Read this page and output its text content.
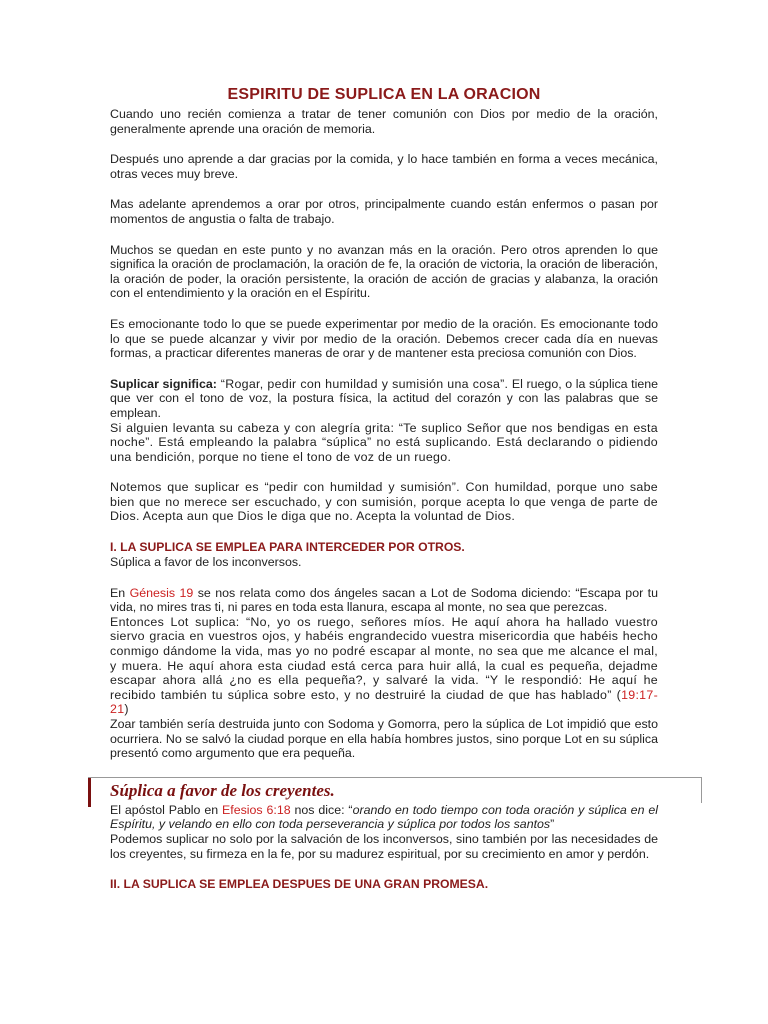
ESPIRITU DE SUPLICA EN LA ORACION

Cuando uno recién comienza a tratar de tener comunión con Dios por medio de la oración, generalmente aprende una oración de memoria.

Después uno aprende a dar gracias por la comida, y lo hace también en forma a veces mecánica, otras veces muy breve.

Mas adelante aprendemos a orar por otros, principalmente cuando están enfermos o pasan por momentos de angustia o falta de trabajo.

Muchos se quedan en este punto y no avanzan más en la oración. Pero otros aprenden lo que significa la oración de proclamación, la oración de fe, la oración de victoria, la oración de liberación, la oración de poder, la oración persistente, la oración de acción de gracias y alabanza, la oración con el entendimiento y la oración en el Espíritu.

Es emocionante todo lo que se puede experimentar por medio de la oración. Es emocionante todo lo que se puede alcanzar y vivir por medio de la oración. Debemos crecer cada día en nuevas formas, a practicar diferentes maneras de orar y de mantener esta preciosa comunión con Dios.

Suplicar significa: “Rogar, pedir con humildad y sumisión una cosa”. El ruego, o la súplica tiene que ver con el tono de voz, la postura física, la actitud del corazón y con las palabras que se emplean.

Si alguien levanta su cabeza y con alegría grita: “Te suplico Señor que nos bendigas en esta noche”. Está empleando la palabra “súplica” no está suplicando. Está declarando o pidiendo una bendición, porque no tiene el tono de voz de un ruego.

Notemos que suplicar es “pedir con humildad y sumisión”. Con humildad, porque uno sabe bien que no merece ser escuchado, y con sumisión, porque acepta lo que venga de parte de Dios. Acepta aun que Dios le diga que no. Acepta la voluntad de Dios.

I. LA SUPLICA SE EMPLEA PARA INTERCEDER POR OTROS.

Súplica a favor de los inconversos.

En Génesis 19 se nos relata como dos ángeles sacan a Lot de Sodoma diciendo: “Escapa por tu vida, no mires tras ti, ni pares en toda esta llanura, escapa al monte, no sea que perezcas.

Entonces Lot suplica: “No, yo os ruego, señores míos. He aquí ahora ha hallado vuestro siervo gracia en vuestros ojos, y habéis engrandecido vuestra misericordia que habéis hecho conmigo dándome la vida, mas yo no podré escapar al monte, no sea que me alcance el mal, y muera. He aquí ahora esta ciudad está cerca para huir allá, la cual es pequeña, dejadme escapar ahora allá ¿no es ella pequeña?, y salvaré la vida. “Y le respondió: He aquí he recibido también tu súplica sobre esto, y no destruiré la ciudad de que has hablado” (19:17-21)

Zoar también sería destruida junto con Sodoma y Gomorra, pero la súplica de Lot impidió que esto ocurriera. No se salvó la ciudad porque en ella había hombres justos, sino porque Lot en su súplica presentó como argumento que era pequeña.

Súplica a favor de los creyentes.

El apóstol Pablo en Efesios 6:18 nos dice: “orando en todo tiempo con toda oración y súplica en el Espíritu, y velando en ello con toda perseverancia y súplica por todos los santos”

Podemos suplicar no solo por la salvación de los inconversos, sino también por las necesidades de los creyentes, su firmeza en la fe, por su madurez espiritual, por su crecimiento en amor y perdón.

II. LA SUPLICA SE EMPLEA DESPUES DE UNA GRAN PROMESA.
